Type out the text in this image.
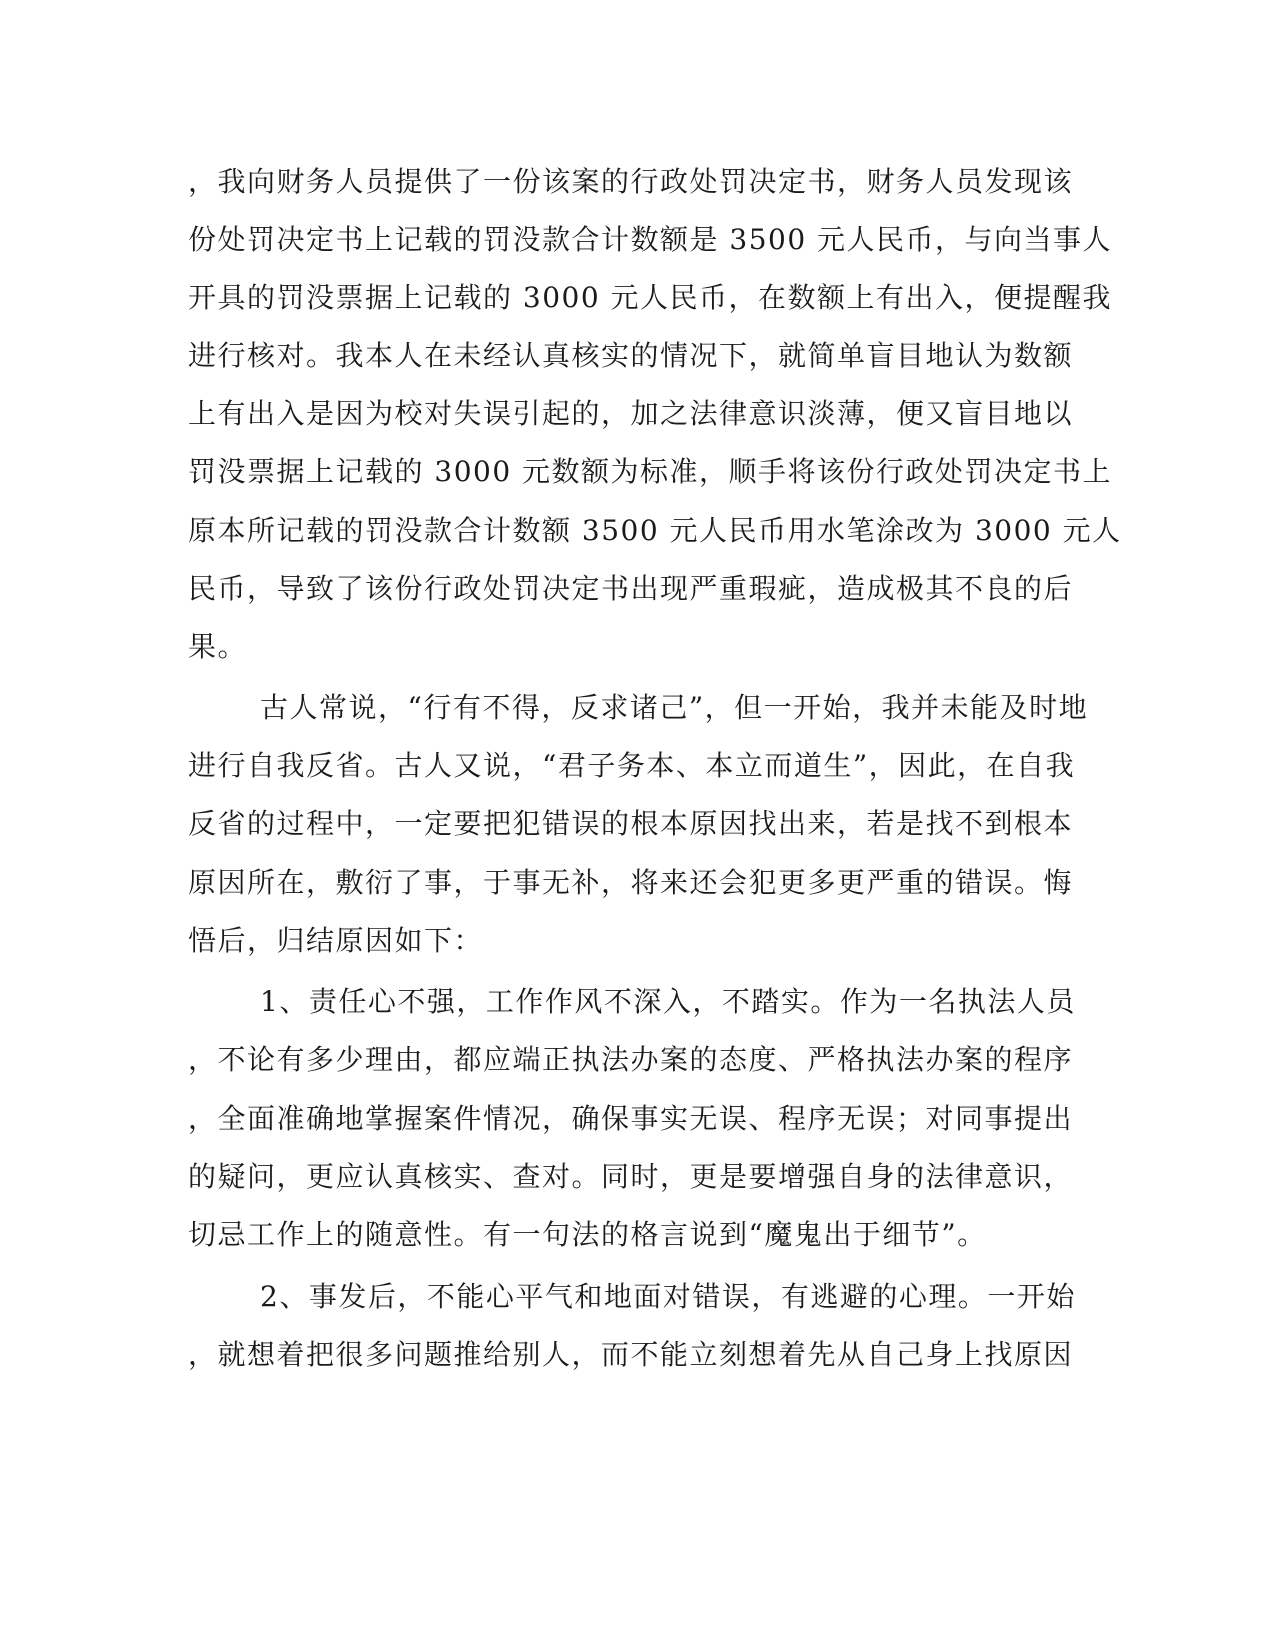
，我向财务人员提供了一份该案的行政处罚决定书，财务人员发现该
份处罚决定书上记载的罚没款合计数额是 3500 元人民币，与向当事人
开具的罚没票据上记载的 3000 元人民币，在数额上有出入，便提醒我
进行核对。我本人在未经认真核实的情况下，就简单盲目地认为数额
上有出入是因为校对失误引起的，加之法律意识淡薄，便又盲目地以
罚没票据上记载的 3000 元数额为标准，顺手将该份行政处罚决定书上
原本所记载的罚没款合计数额 3500 元人民币用水笔涂改为 3000 元人
民币，导致了该份行政处罚决定书出现严重瑕疵，造成极其不良的后
果。
古人常说，“行有不得，反求诸己”，但一开始，我并未能及时地
进行自我反省。古人又说，“君子务本、本立而道生”，因此，在自我
反省的过程中，一定要把犯错误的根本原因找出来，若是找不到根本
原因所在，敷衍了事，于事无补，将来还会犯更多更严重的错误。悔
悟后，归结原因如下：
1、责任心不强，工作作风不深入，不踏实。作为一名执法人员
，不论有多少理由，都应端正执法办案的态度、严格执法办案的程序
，全面准确地掌握案件情况，确保事实无误、程序无误；对同事提出
的疑问，更应认真核实、查对。同时，更是要增强自身的法律意识，
切忌工作上的随意性。有一句法的格言说到“魔鬼出于细节”。
2、事发后，不能心平气和地面对错误，有逃避的心理。一开始
，就想着把很多问题推给别人，而不能立刻想着先从自己身上找原因
